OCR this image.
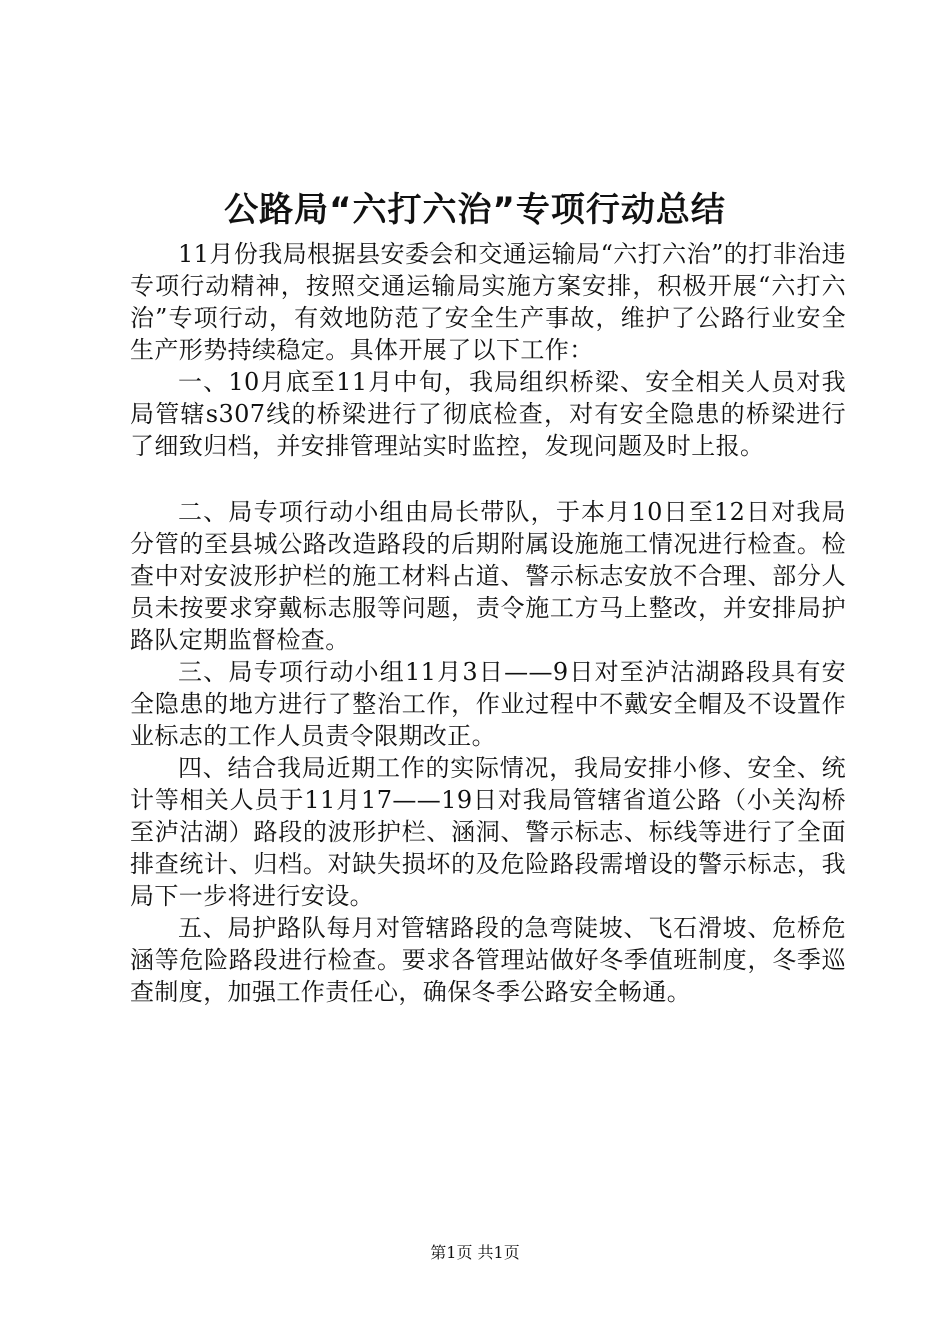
公路局“六打六治”专项行动总结

11月份我局根据县安委会和交通运输局“六打六治”的打非治违专项行动精神，按照交通运输局实施方案安排，积极开展“六打六治”专项行动，有效地防范了安全生产事故，维护了公路行业安全生产形势持续稳定。具体开展了以下工作：

一、10月底至11月中旬，我局组织桥梁、安全相关人员对我局管辖s307线的桥梁进行了彻底检查，对有安全隐患的桥梁进行了细致归档，并安排管理站实时监控，发现问题及时上报。

二、局专项行动小组由局长带队，于本月10日至12日对我局分管的至县城公路改造路段的后期附属设施施工情况进行检查。检查中对安波形护栏的施工材料占道、警示标志安放不合理、部分人员未按要求穿戴标志服等问题，责令施工方马上整改，并安排局护路队定期监督检查。

三、局专项行动小组11月3日——9日对至泸沽湖路段具有安全隐患的地方进行了整治工作，作业过程中不戴安全帽及不设置作业标志的工作人员责令限期改正。

四、结合我局近期工作的实际情况，我局安排小修、安全、统计等相关人员于11月17——19日对我局管辖省道公路（小关沟桥至泸沽湖）路段的波形护栏、涵洞、警示标志、标线等进行了全面排查统计、归档。对缺失损坏的及危险路段需增设的警示标志，我局下一步将进行安设。

五、局护路队每月对管辖路段的急弯陡坡、飞石滑坡、危桥危涵等危险路段进行检查。要求各管理站做好冬季值班制度，冬季巡查制度，加强工作责任心，确保冬季公路安全畅通。

第1页 共1页
